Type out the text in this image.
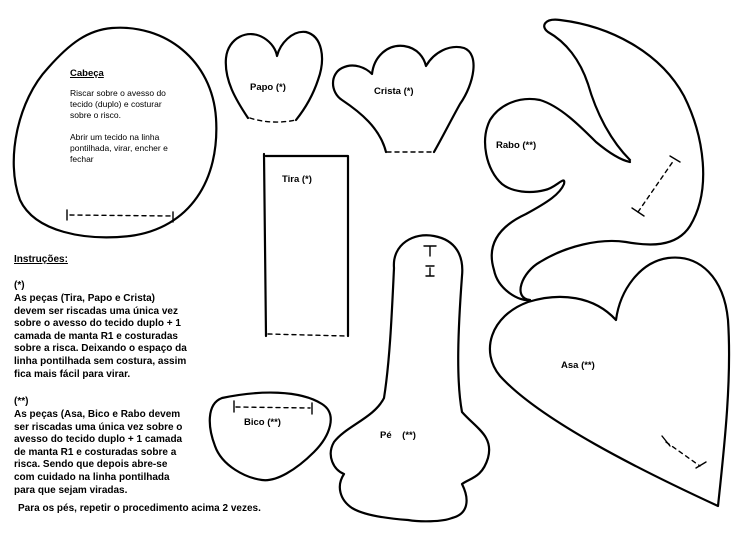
Cabeça
Riscar sobre o avesso do
tecido (duplo) e costurar
sobre o risco.
Abrir um tecido na linha
pontilhada, virar, encher e
fechar
Papo (*)	Crista (*)
Rabo (**)
Tira (*)
Asa (**)
Bico (**)
Pé    (**)
Instruções:
(*)
As peças (Tira, Papo e Crista)
devem ser riscadas uma única vez
sobre o avesso do tecido duplo + 1
camada de manta R1 e costuradas
sobre a risca. Deixando o espaço da
linha pontilhada sem costura, assim
fica mais fácil para virar.
(**)
As peças (Asa, Bico e Rabo devem
ser riscadas uma única vez sobre o
avesso do tecido duplo + 1 camada
de manta R1 e costuradas sobre a
risca. Sendo que depois abre-se
com cuidado na linha pontilhada
para que sejam viradas.
Para os pés, repetir o procedimento acima 2 vezes.
